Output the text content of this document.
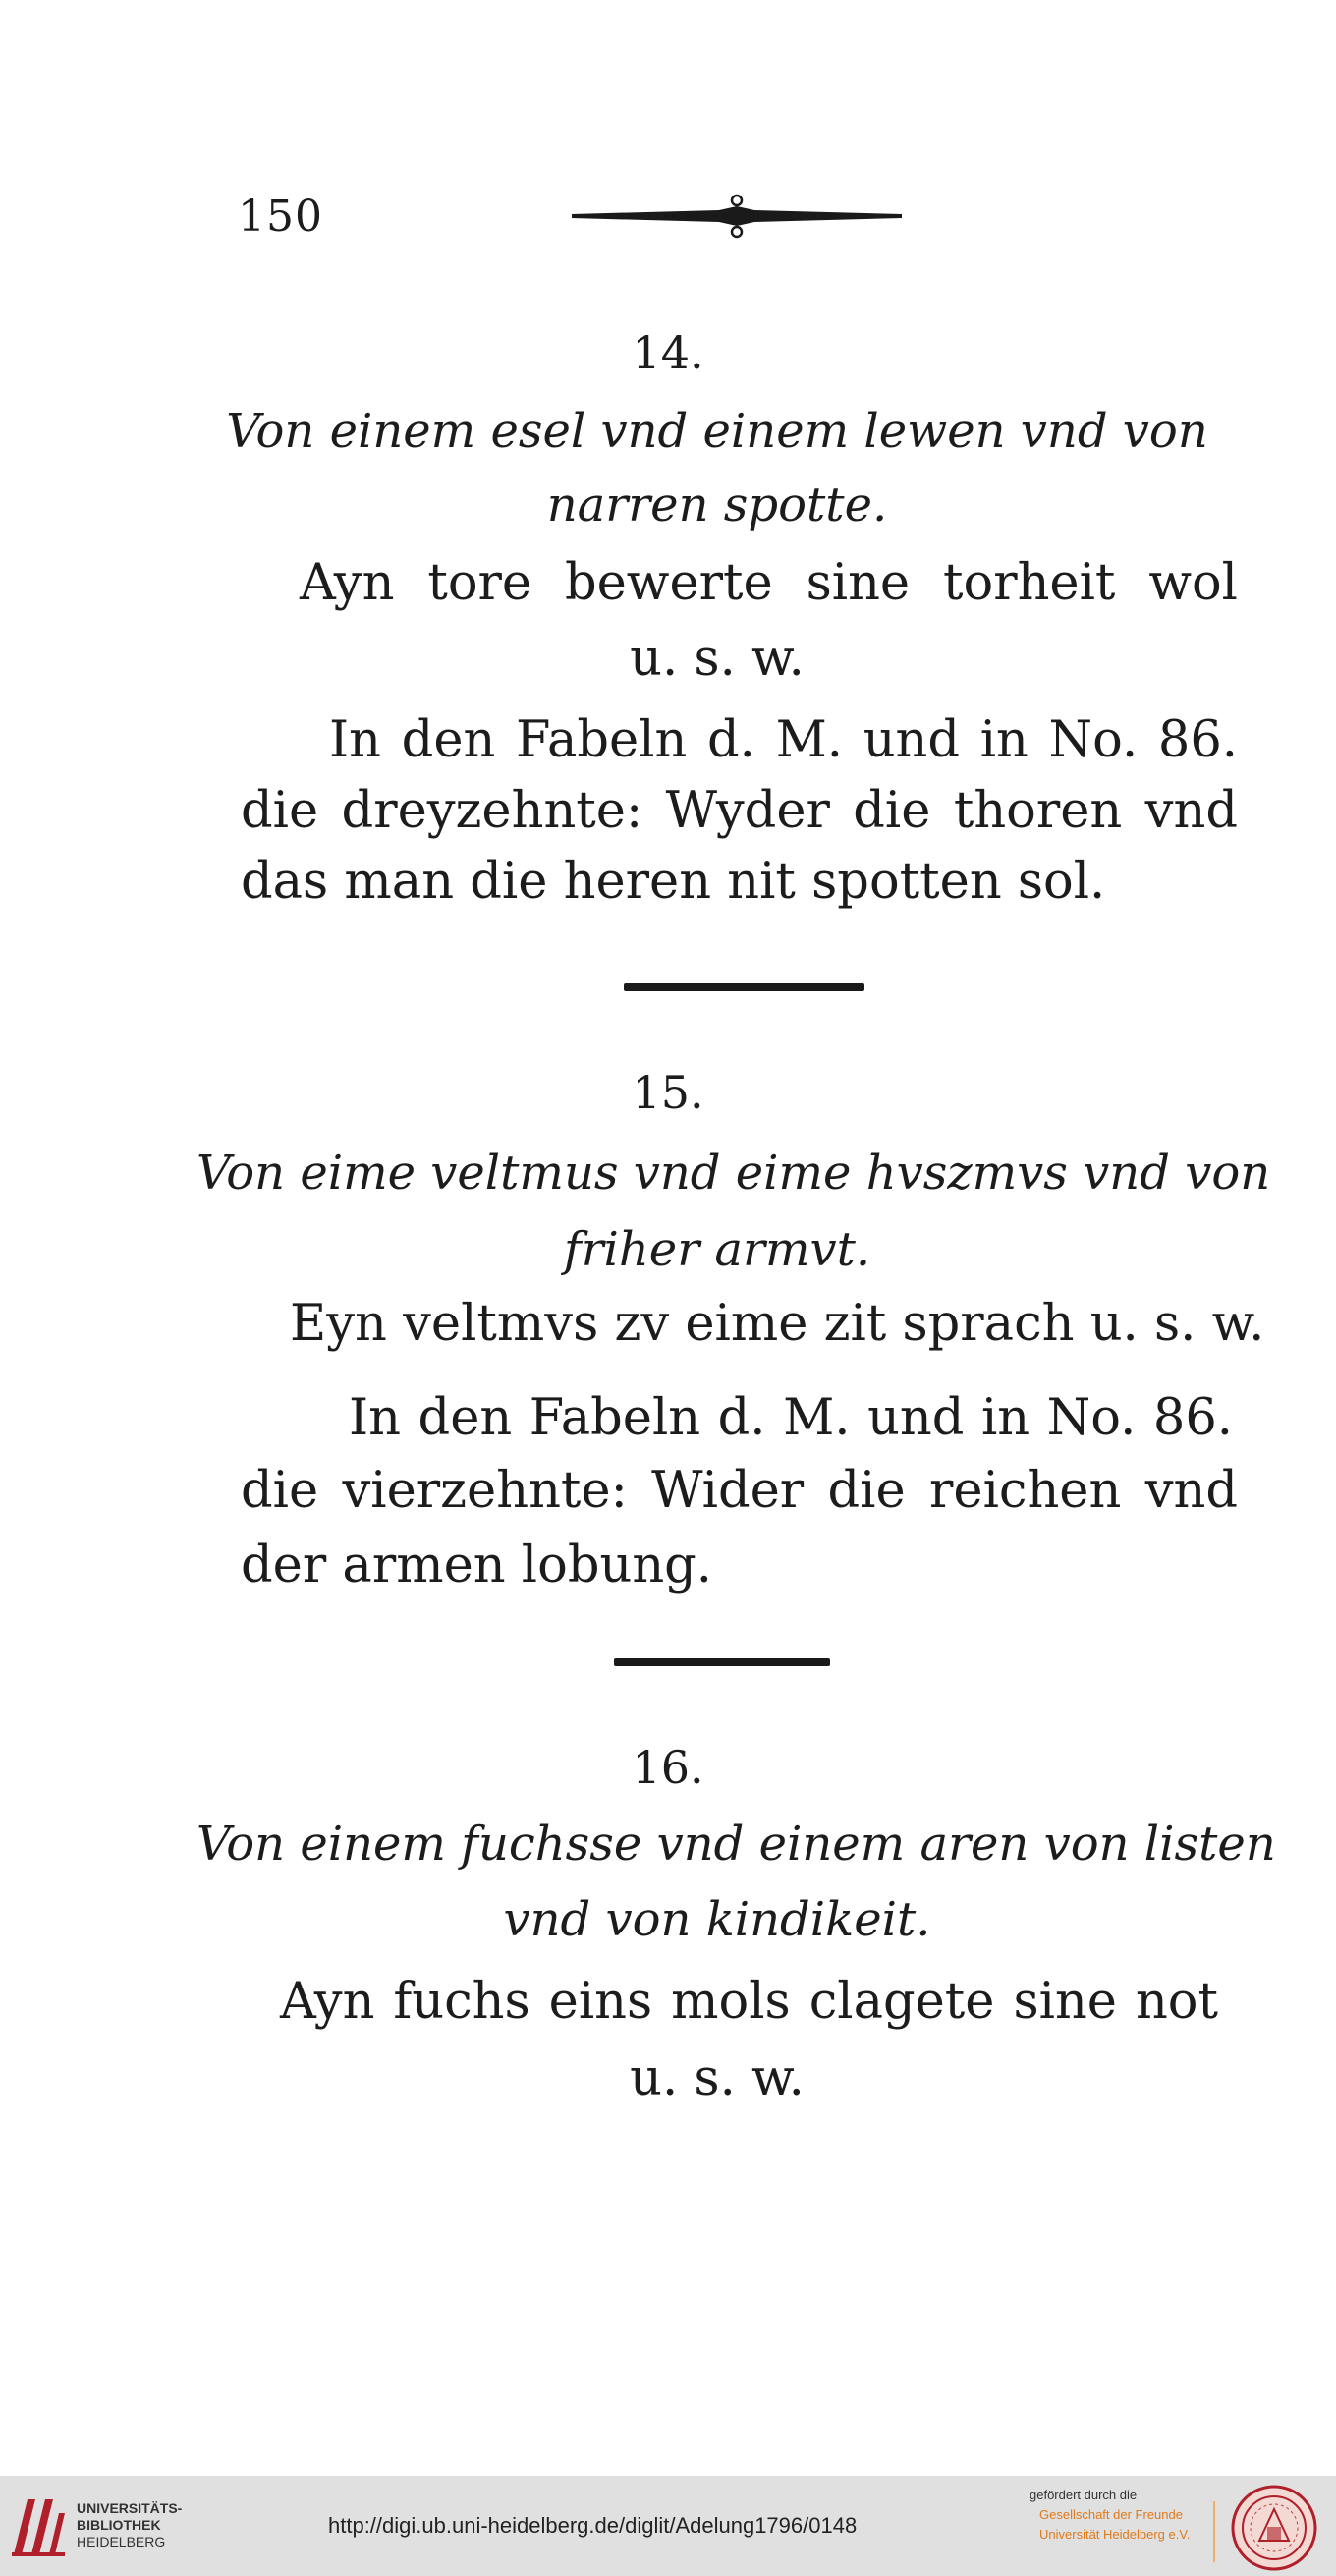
150
14.
Von einem esel vnd einem lewen vnd von
narren spotte.
Ayn tore bewerte sine torheit wol
u. s. w.
In den Fabeln d. M. und in No. 86.
die dreyzehnte: Wyder die thoren vnd
das man die heren nit spotten sol.
15.
Von eime veltmus vnd eime hvszmvs vnd von
friher armvt.
Eyn veltmvs zv eime zit sprach u. s. w.
In den Fabeln d. M. und in No. 86.
die vierzehnte: Wider die reichen vnd
der armen lobung.
16.
Von einem fuchsse vnd einem aren von listen
vnd von kindikeit.
Ayn fuchs eins mols clagete sine not
u. s. w.
UNIVERSITÄTS-
BIBLIOTHEK
HEIDELBERG
http://digi.ub.uni-heidelberg.de/diglit/Adelung1796/0148
gefördert durch die
Gesellschaft der Freunde
Universität Heidelberg e.V.
